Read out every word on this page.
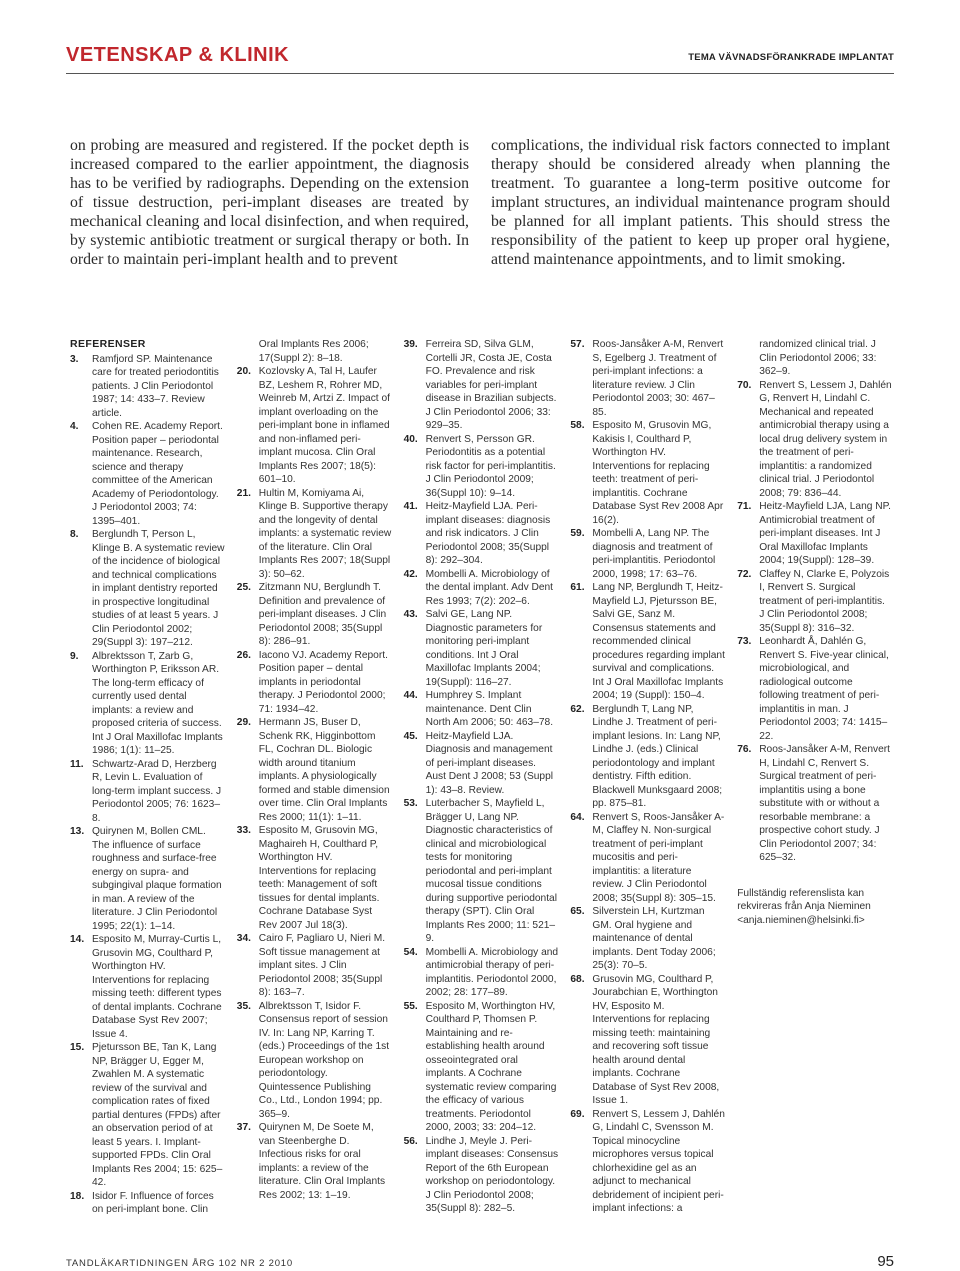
VETENSKAP & KLINIK	TEMA VÄVNADSFÖRANKRADE IMPLANTAT

on probing are measured and registered. If the pocket depth is increased compared to the earlier appointment, the diagnosis has to be verified by radiographs. Depending on the extension of tissue destruction, peri-implant diseases are treated by mechanical cleaning and local disinfection, and when required, by systemic antibiotic treatment or surgical therapy or both. In order to maintain peri-implant health and to prevent

complications, the individual risk factors connected to implant therapy should be considered already when planning the treatment. To guarantee a long-term positive outcome for implant structures, an individual maintenance program should be planned for all implant patients. This should stress the responsibility of the patient to keep up proper oral hygiene, attend maintenance appointments, and to limit smoking.

REFERENSER
3.	Ramfjord SP. Maintenance care for treated periodontitis patients. J Clin Periodontol 1987; 14: 433–7. Review article.
4.	Cohen RE. Academy Report. Position paper – periodontal maintenance. Research, science and therapy committee of the American Academy of Periodontology. J Periodontol 2003; 74: 1395–401.
8.	Berglundh T, Person L, Klinge B. A systematic review of the incidence of biological and technical complications in implant dentistry reported in prospective longitudinal studies of at least 5 years. J Clin Periodontol 2002; 29(Suppl 3): 197–212.
9.	Albrektsson T, Zarb G, Worthington P, Eriksson AR. The long-term efficacy of currently used dental implants: a review and proposed criteria of success. Int J Oral Maxillofac Implants 1986; 1(1): 11–25.
11. Schwartz-Arad D, Herzberg R, Levin L. Evaluation of long-term implant success. J Periodontol 2005; 76: 1623–8.
13. Quirynen M, Bollen CML. The influence of surface roughness and surface-free energy on supra- and subgingival plaque formation in man. A review of the literature. J Clin Periodontol 1995; 22(1): 1–14.
14. Esposito M, Murray-Curtis L, Grusovin MG, Coulthard P, Worthington HV. Interventions for replacing missing teeth: different types of dental implants. Cochrane Database Syst Rev 2007; Issue 4.
15. Pjetursson BE, Tan K, Lang NP, Brägger U, Egger M, Zwahlen M. A systematic review of the survival and complication rates of fixed partial dentures (FPDs) after an observation period of at least 5 years. I. Implant-supported FPDs. Clin Oral Implants Res 2004; 15: 625–42.
18. Isidor F. Influence of forces on peri-implant bone. Clin Oral Implants Res 2006; 17(Suppl 2): 8–18.
20. Kozlovsky A, Tal H, Laufer BZ, Leshem R, Rohrer MD, Weinreb M, Artzi Z. Impact of implant overloading on the peri-implant bone in inflamed and non-inflamed peri-implant mucosa. Clin Oral Implants Res 2007; 18(5): 601–10.
21. Hultin M, Komiyama Ai, Klinge B. Supportive therapy and the longevity of dental implants: a systematic review of the literature. Clin Oral Implants Res 2007; 18(Suppl 3): 50–62.
25. Zitzmann NU, Berglundh T. Definition and prevalence of peri-implant diseases. J Clin Periodontol 2008; 35(Suppl 8): 286–91.
26. Iacono VJ. Academy Report. Position paper – dental implants in periodontal therapy. J Periodontol 2000; 71: 1934–42.
29. Hermann JS, Buser D, Schenk RK, Higginbottom FL, Cochran DL. Biologic width around titanium implants. A physiologically formed and stable dimension over time. Clin Oral Implants Res 2000; 11(1): 1–11.
33. Esposito M, Grusovin MG, Maghaireh H, Coulthard P, Worthington HV. Interventions for replacing teeth: Management of soft tissues for dental implants. Cochrane Database Syst Rev 2007 Jul 18(3).
34. Cairo F, Pagliaro U, Nieri M. Soft tissue management at implant sites. J Clin Periodontol 2008; 35(Suppl 8): 163–7.
35. Albrektsson T, Isidor F. Consensus report of session IV. In: Lang NP, Karring T. (eds.) Proceedings of the 1st European workshop on periodontology. Quintessence Publishing Co., Ltd., London 1994; pp. 365–9.
37. Quirynen M, De Soete M, van Steenberghe D. Infectious risks for oral implants: a review of the literature. Clin Oral Implants Res 2002; 13: 1–19.
39. Ferreira SD, Silva GLM, Cortelli JR, Costa JE, Costa FO. Prevalence and risk variables for peri-implant disease in Brazilian subjects. J Clin Periodontol 2006; 33: 929–35.
40. Renvert S, Persson GR. Periodontitis as a potential risk factor for peri-implantitis. J Clin Periodontol 2009; 36(Suppl 10): 9–14.
41. Heitz-Mayfield LJA. Peri-implant diseases: diagnosis and risk indicators. J Clin Periodontol 2008; 35(Suppl 8): 292–304.
42. Mombelli A. Microbiology of the dental implant. Adv Dent Res 1993; 7(2): 202–6.
43. Salvi GE, Lang NP. Diagnostic parameters for monitoring peri-implant conditions. Int J Oral Maxillofac Implants 2004; 19(Suppl): 116–27.
44. Humphrey S. Implant maintenance. Dent Clin North Am 2006; 50: 463–78.
45. Heitz-Mayfield LJA. Diagnosis and management of peri-implant diseases. Aust Dent J 2008; 53 (Suppl 1): 43–8. Review.
53. Luterbacher S, Mayfield L, Brägger U, Lang NP. Diagnostic characteristics of clinical and microbiological tests for monitoring periodontal and peri-implant mucosal tissue conditions during supportive periodontal therapy (SPT). Clin Oral Implants Res 2000; 11: 521–9.
54. Mombelli A. Microbiology and antimicrobial therapy of peri-implantitis. Periodontol 2000, 2002; 28: 177–89.
55. Esposito M, Worthington HV, Coulthard P, Thomsen P. Maintaining and re-establishing health around osseointegrated oral implants. A Cochrane systematic review comparing the efficacy of various treatments. Periodontol 2000, 2003; 33: 204–12.
56. Lindhe J, Meyle J. Peri-implant diseases: Consensus Report of the 6th European workshop on periodontology. J Clin Periodontol 2008; 35(Suppl 8): 282–5.
57. Roos-Jansåker A-M, Renvert S, Egelberg J. Treatment of peri-implant infections: a literature review. J Clin Periodontol 2003; 30: 467–85.
58. Esposito M, Grusovin MG, Kakisis I, Coulthard P, Worthington HV. Interventions for replacing teeth: treatment of peri-implantitis. Cochrane Database Syst Rev 2008 Apr 16(2).
59. Mombelli A, Lang NP. The diagnosis and treatment of peri-implantitis. Periodontol 2000, 1998; 17: 63–76.
61. Lang NP, Berglundh T, Heitz-Mayfield LJ, Pjetursson BE, Salvi GE, Sanz M. Consensus statements and recommended clinical procedures regarding implant survival and complications. Int J Oral Maxillofac Implants 2004; 19 (Suppl): 150–4.
62. Berglundh T, Lang NP, Lindhe J. Treatment of peri-implant lesions. In: Lang NP, Lindhe J. (eds.) Clinical periodontology and implant dentistry. Fifth edition. Blackwell Munksgaard 2008; pp. 875–81.
64. Renvert S, Roos-Jansåker A-M, Claffey N. Non-surgical treatment of peri-implant mucositis and peri-implantitis: a literature review. J Clin Periodontol 2008; 35(Suppl 8): 305–15.
65. Silverstein LH, Kurtzman GM. Oral hygiene and maintenance of dental implants. Dent Today 2006; 25(3): 70–5.
68. Grusovin MG, Coulthard P, Jourabchian E, Worthington HV, Esposito M. Interventions for replacing missing teeth: maintaining and recovering soft tissue health around dental implants. Cochrane Database of Syst Rev 2008, Issue 1.
69. Renvert S, Lessem J, Dahlén G, Lindahl C, Svensson M. Topical minocycline microphores versus topical chlorhexidine gel as an adjunct to mechanical debridement of incipient peri-implant infections: a randomized clinical trial. J Clin Periodontol 2006; 33: 362–9.
70. Renvert S, Lessem J, Dahlén G, Renvert H, Lindahl C. Mechanical and repeated antimicrobial therapy using a local drug delivery system in the treatment of peri-implantitis: a randomized clinical trial. J Periodontol 2008; 79: 836–44.
71. Heitz-Mayfield LJA, Lang NP. Antimicrobial treatment of peri-implant diseases. Int J Oral Maxillofac Implants 2004; 19(Suppl): 128–39.
72. Claffey N, Clarke E, Polyzois I, Renvert S. Surgical treatment of peri-implantitis. J Clin Periodontol 2008; 35(Suppl 8): 316–32.
73. Leonhardt Å, Dahlén G, Renvert S. Five-year clinical, microbiological, and radiological outcome following treatment of peri-implantitis in man. J Periodontol 2003; 74: 1415–22.
76. Roos-Jansåker A-M, Renvert H, Lindahl C, Renvert S. Surgical treatment of peri-implantitis using a bone substitute with or without a resorbable membrane: a prospective cohort study. J Clin Periodontol 2007; 34: 625–32.
Fullständig referenslista kan
rekvireras från Anja Nieminen
<anja.nieminen@helsinki.fi>
TANDLÄKARTIDNINGEN ÅRG 102 NR 2 2010	95
